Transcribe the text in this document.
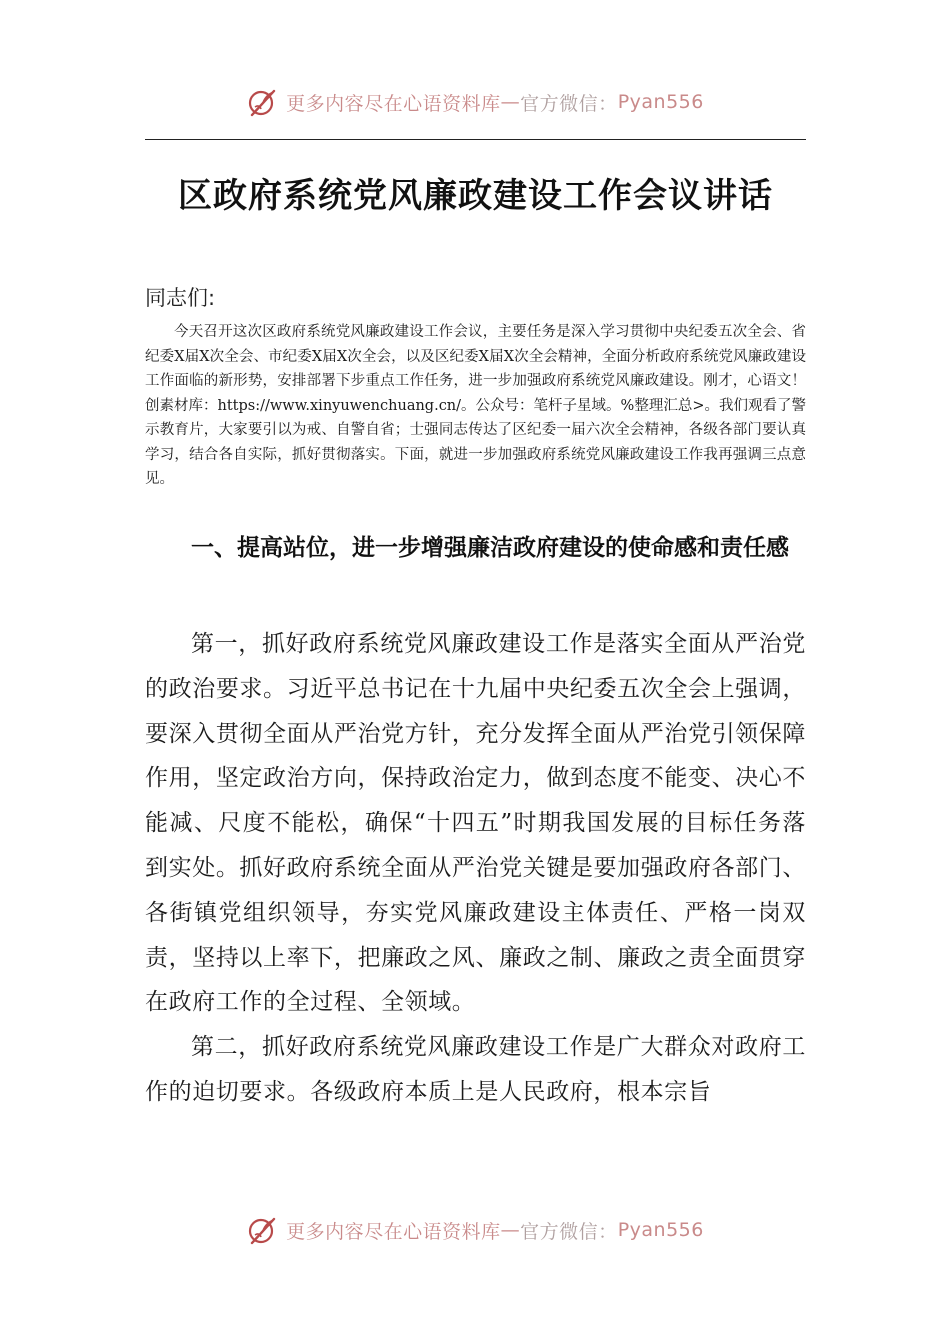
更多内容尽在心语资料库 — 官方微信： Pyan556
区政府系统党风廉政建设工作会议讲话
同志们:
今天召开这次区政府系统党风廉政建设工作会议，主要任务是深入学习贯彻中央纪委五次全会、省纪委Ⅹ届Ⅹ次全会、市纪委Ⅹ届Ⅹ次全会，以及区纪委Ⅹ届Ⅹ次全会精神，全面分析政府系统党风廉政建设工作面临的新形势，安排部署下步重点工作任务，进一步加强政府系统党风廉政建设。刚才，心语文！创素材库：https://www.xinyuwenchuang.cn/。公众号：笔杆子星域。%整理汇总>。我们观看了警示教育片，大家要引以为戒、自警自省；士强同志传达了区纪委一届六次全会精神，各级各部门要认真学习，结合各自实际，抓好贯彻落实。下面，就进一步加强政府系统党风廉政建设工作我再强调三点意见。
一、提高站位，进一步增强廉洁政府建设的使命感和责任感

第一，抓好政府系统党风廉政建设工作是落实全面从严治党的政治要求。习近平总书记在十九届中央纪委五次全会上强调，要深入贯彻全面从严治党方针，充分发挥全面从严治党引领保障作用，坚定政治方向，保持政治定力，做到态度不能变、决心不能减、尺度不能松，确保“十四五”时期我国发展的目标任务落到实处。抓好政府系统全面从严治党关键是要加强政府各部门、各街镇党组织领导，夯实党风廉政建设主体责任、严格一岗双责，坚持以上率下，把廉政之风、廉政之制、廉政之责全面贯穿在政府工作的全过程、全领域。

第二，抓好政府系统党风廉政建设工作是广大群众对政府工作的迫切要求。各级政府本质上是人民政府，根本宗旨

更多内容尽在心语资料库 — 官方微信： Pyan556
